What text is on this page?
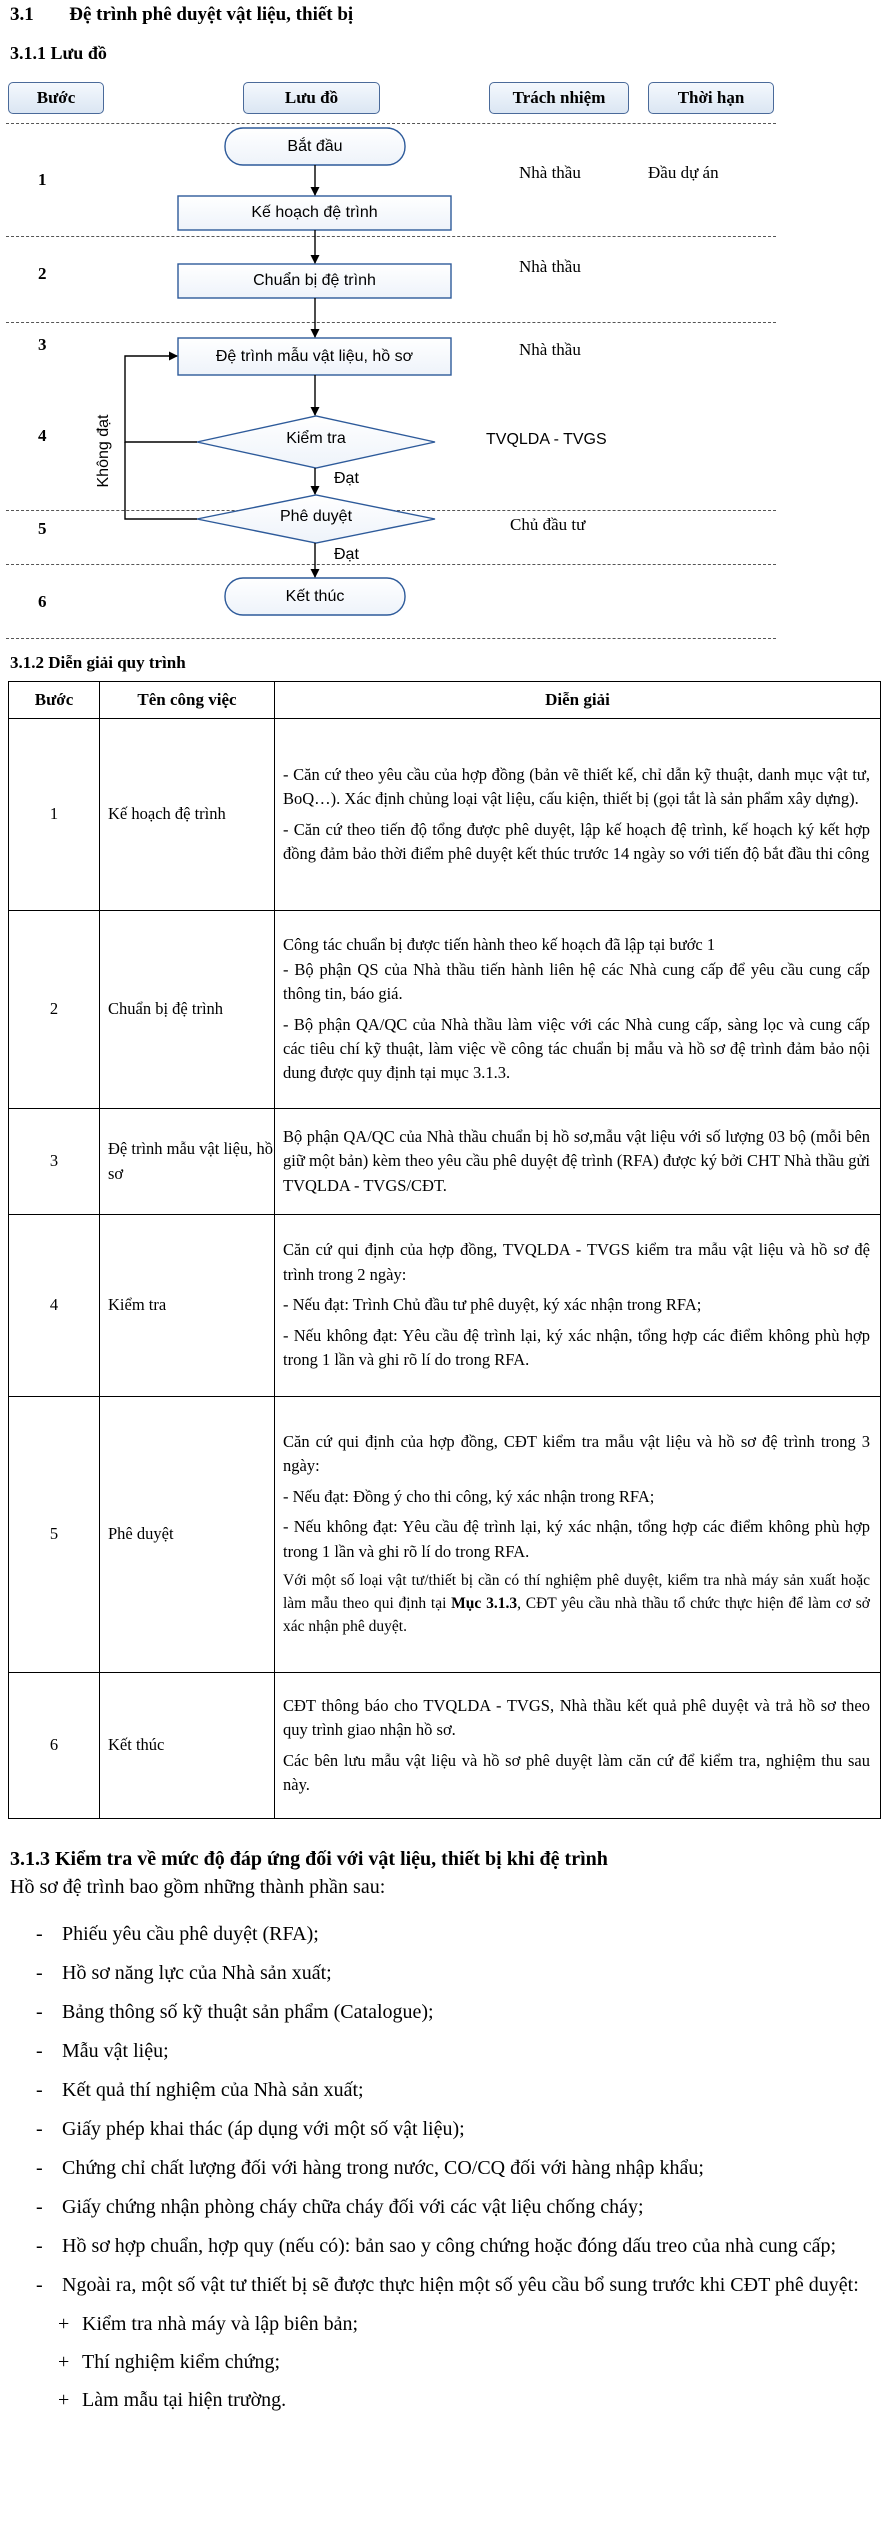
3.1 Đệ trình phê duyệt vật liệu, thiết bị
3.1.1 Lưu đồ
Bước	Lưu đồ	Trách nhiệm	Thời hạn
1
2
3
4
5
6
Nhà thầu	Đầu dự án
Nhà thầu
Nhà thầu
TVQLDA - TVGS
Chủ đầu tư
Bắt đầu
Kế hoạch đệ trình
Chuẩn bị đệ trình
Đệ trình mẫu vật liệu, hồ sơ
Kiểm tra
Phê duyệt
Kết thúc
Đạt
Đạt
Không đạt
3.1.2 Diễn giải quy trình
Bước	Tên công việc	Diễn giải
1	Kế hoạch đệ trình	- Căn cứ theo yêu cầu của hợp đồng (bản vẽ thiết kế, chỉ dẫn kỹ thuật, danh mục vật tư, BoQ…). Xác định chủng loại vật liệu, cấu kiện, thiết bị (gọi tắt là sản phẩm xây dựng).

- Căn cứ theo tiến độ tổng được phê duyệt, lập kế hoạch đệ trình, kế hoạch ký kết hợp đồng đảm bảo thời điểm phê duyệt kết thúc trước 14 ngày so với tiến độ bắt đầu thi công

2	Chuẩn bị đệ trình	Công tác chuẩn bị được tiến hành theo kế hoạch đã lập tại bước 1

- Bộ phận QS của Nhà thầu tiến hành liên hệ các Nhà cung cấp để yêu cầu cung cấp thông tin, báo giá.

- Bộ phận QA/QC của Nhà thầu làm việc với các Nhà cung cấp, sàng lọc và cung cấp các tiêu chí kỹ thuật, làm việc về công tác chuẩn bị mẫu và hồ sơ đệ trình đảm bảo nội dung được quy định tại mục 3.1.3.

3	Đệ trình mẫu vật liệu, hồ sơ	Bộ phận QA/QC của Nhà thầu chuẩn bị hồ sơ,mẫu vật liệu với số lượng 03 bộ (mỗi bên giữ một bản) kèm theo yêu cầu phê duyệt đệ trình (RFA) được ký bởi CHT Nhà thầu gửi TVQLDA - TVGS/CĐT.

4	Kiểm tra	Căn cứ qui định của hợp đồng, TVQLDA - TVGS kiểm tra mẫu vật liệu và hồ sơ đệ trình trong 2 ngày:

- Nếu đạt: Trình Chủ đầu tư phê duyệt, ký xác nhận trong RFA;

- Nếu không đạt: Yêu cầu đệ trình lại, ký xác nhận, tổng hợp các điểm không phù hợp trong 1 lần và ghi rõ lí do trong RFA.

5	Phê duyệt	Căn cứ qui định của hợp đồng, CĐT kiểm tra mẫu vật liệu và hồ sơ đệ trình trong 3 ngày:

- Nếu đạt: Đồng ý cho thi công, ký xác nhận trong RFA;

- Nếu không đạt: Yêu cầu đệ trình lại, ký xác nhận, tổng hợp các điểm không phù hợp trong 1 lần và ghi rõ lí do trong RFA.

Với một số loại vật tư/thiết bị cần có thí nghiệm phê duyệt, kiểm tra nhà máy sản xuất hoặc làm mẫu theo qui định tại Mục 3.1.3, CĐT yêu cầu nhà thầu tổ chức thực hiện để làm cơ sở xác nhận phê duyệt.

6	Kết thúc	CĐT thông báo cho TVQLDA - TVGS, Nhà thầu kết quả phê duyệt và trả hồ sơ theo quy trình giao nhận hồ sơ.

Các bên lưu mẫu vật liệu và hồ sơ phê duyệt làm căn cứ để kiểm tra, nghiệm thu sau này.

3.1.3 Kiểm tra về mức độ đáp ứng đối với vật liệu, thiết bị khi đệ trình
Hồ sơ đệ trình bao gồm những thành phần sau:
- Phiếu yêu cầu phê duyệt (RFA);
- Hồ sơ năng lực của Nhà sản xuất;
- Bảng thông số kỹ thuật sản phẩm (Catalogue);
- Mẫu vật liệu;
- Kết quả thí nghiệm của Nhà sản xuất;
- Giấy phép khai thác (áp dụng với một số vật liệu);
- Chứng chỉ chất lượng đối với hàng trong nước, CO/CQ đối với hàng nhập khẩu;
- Giấy chứng nhận phòng cháy chữa cháy đối với các vật liệu chống cháy;
- Hồ sơ hợp chuẩn, hợp quy (nếu có): bản sao y công chứng hoặc đóng dấu treo của nhà cung cấp;
- Ngoài ra, một số vật tư thiết bị sẽ được thực hiện một số yêu cầu bổ sung trước khi CĐT phê duyệt:
+ Kiểm tra nhà máy và lập biên bản;
+ Thí nghiệm kiểm chứng;
+ Làm mẫu tại hiện trường.
